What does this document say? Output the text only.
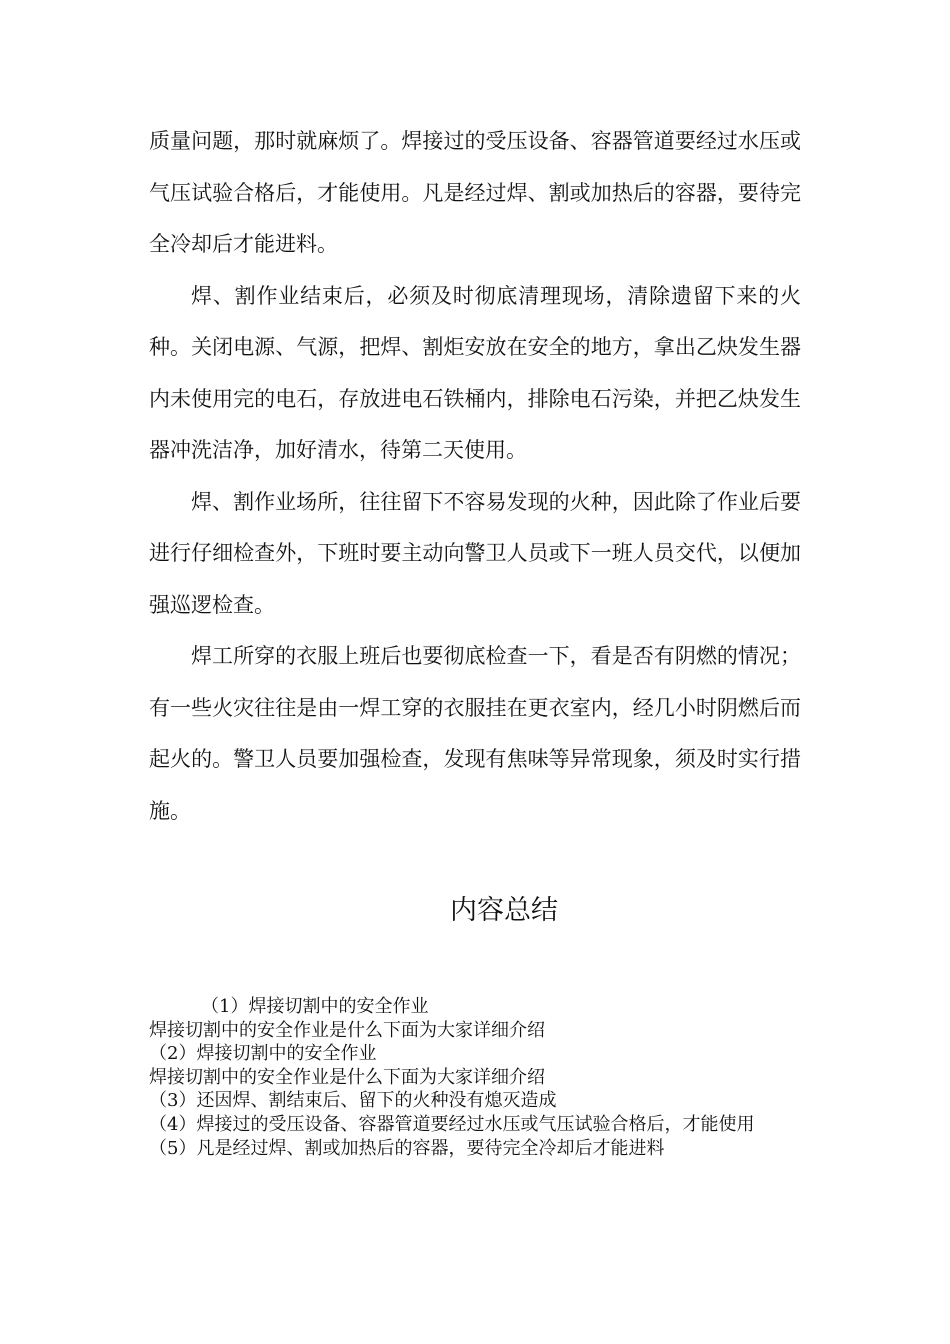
质量问题，那时就麻烦了。焊接过的受压设备、容器管道要经过水压或气压试验合格后，才能使用。凡是经过焊、割或加热后的容器，要待完全冷却后才能进料。

焊、割作业结束后，必须及时彻底清理现场，清除遗留下来的火种。关闭电源、气源，把焊、割炬安放在安全的地方，拿出乙炔发生器内未使用完的电石，存放进电石铁桶内，排除电石污染，并把乙炔发生器冲洗洁净，加好清水，待第二天使用。

焊、割作业场所，往往留下不容易发现的火种，因此除了作业后要进行仔细检查外，下班时要主动向警卫人员或下一班人员交代，以便加强巡逻检查。

焊工所穿的衣服上班后也要彻底检查一下，看是否有阴燃的情况；有一些火灾往往是由一焊工穿的衣服挂在更衣室内，经几小时阴燃后而起火的。警卫人员要加强检查，发现有焦味等异常现象，须及时实行措施。

内容总结
（1）焊接切割中的安全作业
焊接切割中的安全作业是什么下面为大家详细介绍
（2）焊接切割中的安全作业
焊接切割中的安全作业是什么下面为大家详细介绍
（3）还因焊、割结束后、留下的火种没有熄灭造成
（4）焊接过的受压设备、容器管道要经过水压或气压试验合格后，才能使用
（5）凡是经过焊、割或加热后的容器，要待完全冷却后才能进料
